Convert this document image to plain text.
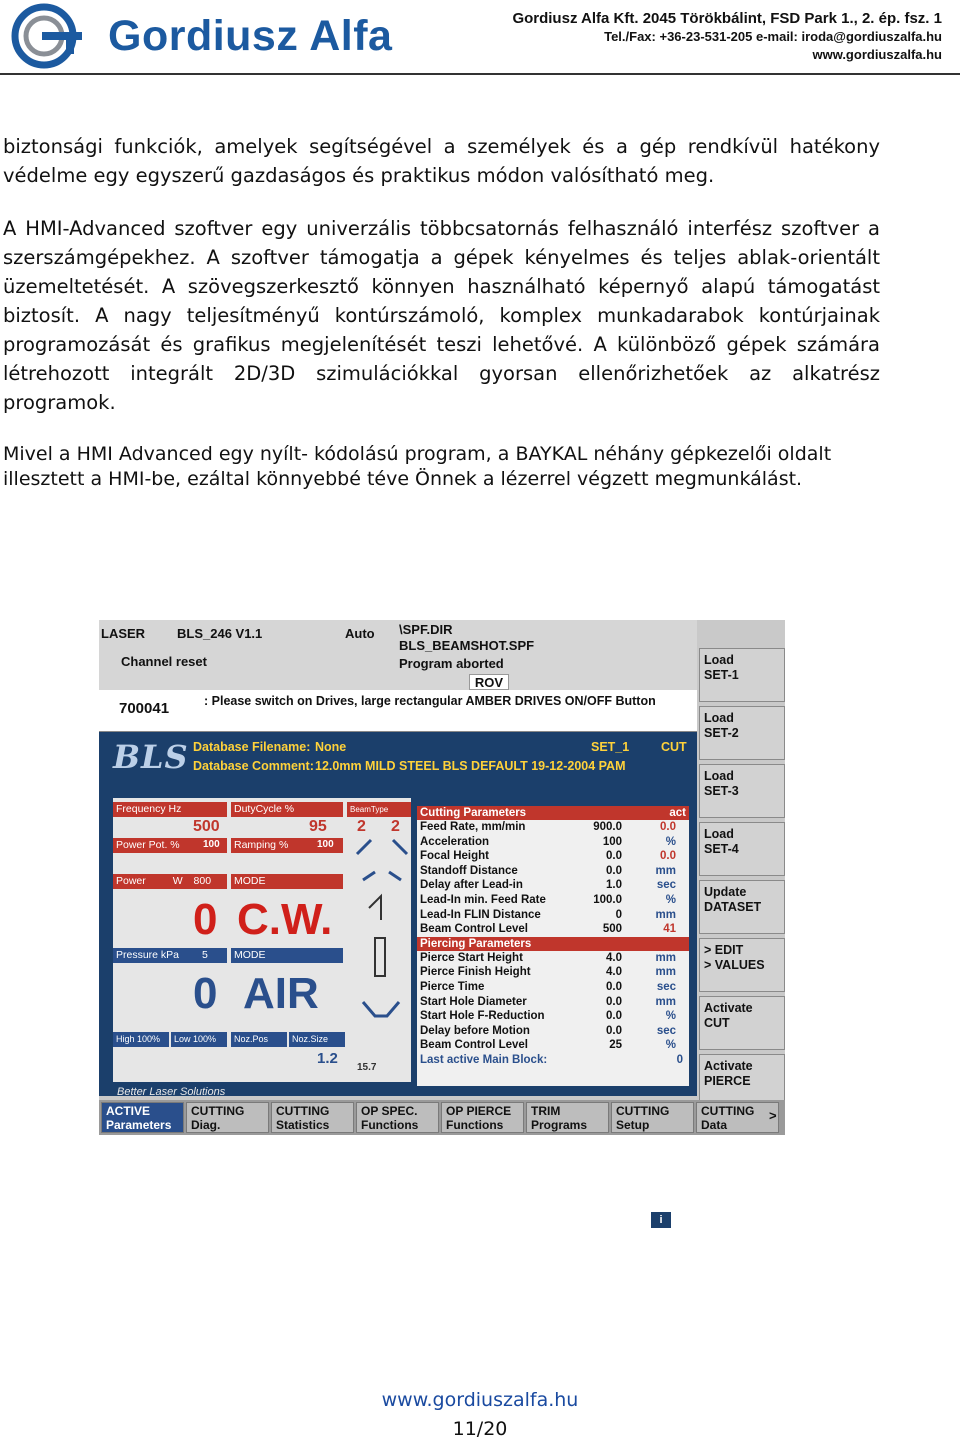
Gordiusz Alfa	Gordiusz Alfa Kft. 2045 Törökbálint, FSD Park 1., 2. ép. fsz. 1
Tel./Fax: +36-23-531-205 e-mail: iroda@gordiuszalfa.hu
www.gordiuszalfa.hu
biztonsági funkciók, amelyek segítségével a személyek és a gép rendkívül hatékony védelme egy egyszerű gazdaságos és praktikus módon valósítható meg.
A HMI-Advanced szoftver egy univerzális többcsatornás felhasználó interfész szoftver a szerszámgépekhez. A szoftver támogatja a gépek kényelmes és teljes ablak-orientált üzemeltetését. A szövegszerkesztő könnyen használható képernyő alapú támogatást biztosít. A nagy teljesítményű kontúrszámoló, komplex munkadarabok kontúrjainak programozását és grafikus megjelenítését teszi lehetővé. A különböző gépek számára létrehozott integrált 2D/3D szimulációkkal gyorsan ellenőrizhetőek az alkatrész programok.
Mivel a HMI Advanced egy nyílt- kódolású program, a BAYKAL néhány gépkezelői oldalt illesztett a HMI-be, ezáltal könnyebbé téve Önnek a lézerrel végzett megmunkálást.
LASER BLS_246 V1.1	Auto \SPF.DIR
BLS_BEAMSHOT.SPF
Channel reset	Program aborted
ROV
700041	: Please switch on Drives, large rectangular AMBER DRIVES ON/OFF Button
BLS Database Filename: None	SET_1	CUT
Database Comment: 12.0mm MILD STEEL BLS DEFAULT 19-12-2004 PAM
Frequency Hz	DutyCycle %	BeamType
500	95 2 2
Power Pot. %	100 Ramping %	100
Power	W 800	MODE
0 C.W.
Pressure kPa 5	MODE
0 AIR
High 100%	Low 100%	Noz.Pos	Noz.Size
1.2
15.7
Better Laser Solutions
Cutting Parameters	act
Feed Rate, mm/min	900.0	0.0
Acceleration	100	%
Focal Height	0.0	0.0
Standoff Distance	0.0	mm
Delay after Lead-in	1.0	sec
Lead-In min. Feed Rate	100.0	%
Lead-In FLIN Distance	0	mm
Beam Control Level	500	41
Piercing Parameters
Pierce Start Height	4.0	mm
Pierce Finish Height	4.0	mm
Pierce Time	0.0	sec
Start Hole Diameter	0.0	mm
Start Hole F-Reduction	0.0	%
Delay before Motion	0.0	sec
Beam Control Level	25	%
Last active Main Block:	0
i
Load
SET-1
Load
SET-2
Load
SET-3
Load
SET-4
Update
DATASET
> EDIT
> VALUES
Activate CUT
Activate
PIERCE
CUTTING
Data
CUTTING
Setup
TRIM
Programs
OP PIERCE
Functions
OP SPEC.
Functions
CUTTING
Statistics
CUTTING
Diag.
ACTIVE
Parameters
>
www.gordiuszalfa.hu
11/20
